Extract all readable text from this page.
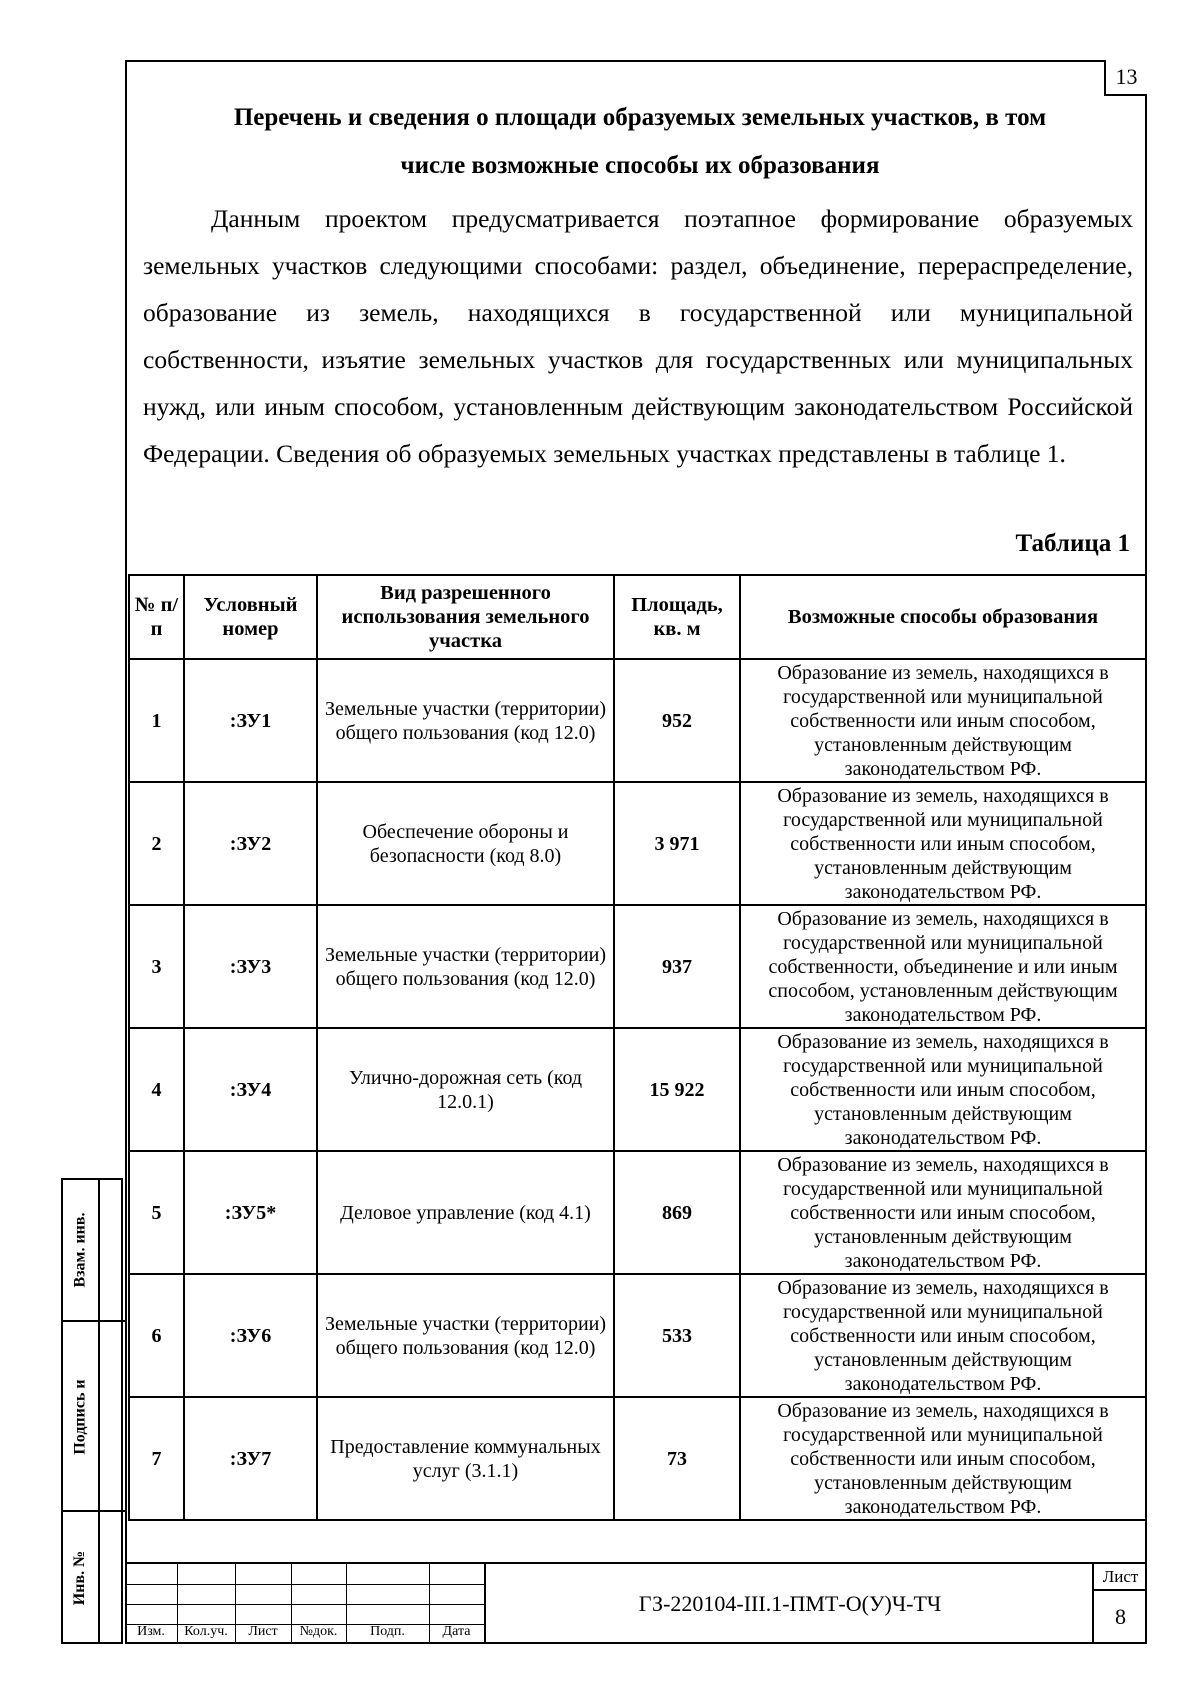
13
Перечень и сведения о площади образуемых земельных участков, в том
числе возможные способы их образования

Данным проектом предусматривается поэтапное формирование образуемых земельных участков следующими способами: раздел, объединение, перераспределение, образование из земель, находящихся в государственной или муниципальной собственности, изъятие земельных участков для государственных или муниципальных нужд, или иным способом, установленным действующим законодательством Российской Федерации. Сведения об образуемых земельных участках представлены в таблице 1.

Таблица 1
№ п/п	Условный номер	Вид разрешенного использования земельного участка	Площадь, кв. м	Возможные способы образования
1	:ЗУ1	Земельные участки (территории) общего пользования (код 12.0)	952	Образование из земель, находящихся в государственной или муниципальной собственности или иным способом, установленным действующим законодательством РФ.
2	:ЗУ2	Обеспечение обороны и безопасности (код 8.0)	3 971	Образование из земель, находящихся в государственной или муниципальной собственности или иным способом, установленным действующим законодательством РФ.
3	:ЗУ3	Земельные участки (территории) общего пользования (код 12.0)	937	Образование из земель, находящихся в государственной или муниципальной собственности, объединение и или иным способом, установленным действующим законодательством РФ.
4	:ЗУ4	Улично-дорожная сеть (код 12.0.1)	15 922	Образование из земель, находящихся в государственной или муниципальной собственности или иным способом, установленным действующим законодательством РФ.
5	:ЗУ5*	Деловое управление (код 4.1)	869	Образование из земель, находящихся в государственной или муниципальной собственности или иным способом, установленным действующим законодательством РФ.
6	:ЗУ6	Земельные участки (территории) общего пользования (код 12.0)	533	Образование из земель, находящихся в государственной или муниципальной собственности или иным способом, установленным действующим законодательством РФ.
7	:ЗУ7	Предоставление коммунальных услуг (3.1.1)	73	Образование из земель, находящихся в государственной или муниципальной собственности или иным способом, установленным действующим законодательством РФ.
Взам. инв.
Подпись и
Инв. №
Изм.	Кол.уч.	Лист	№док.	Подп.	Дата
ГЗ-220104-III.1-ПМТ-О(У)Ч-ТЧ
Лист
8
